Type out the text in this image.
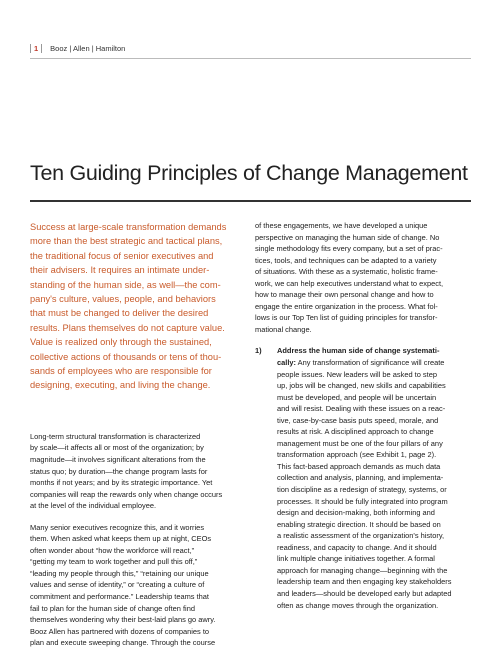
1	Booz | Allen | Hamilton
Ten Guiding Principles of Change Management

Success at large-scale transformation demands
more than the best strategic and tactical plans,
the traditional focus of senior executives and
their advisers. It requires an intimate under-
standing of the human side, as well—the com-
pany's culture, values, people, and behaviors
that must be changed to deliver the desired
results. Plans themselves do not capture value.
Value is realized only through the sustained,
collective actions of thousands or tens of thou-
sands of employees who are responsible for
designing, executing, and living the change.

Long-term structural transformation is characterized
by scale—it affects all or most of the organization; by
magnitude—it involves significant alterations from the
status quo; by duration—the change program lasts for
months if not years; and by its strategic importance. Yet
companies will reap the rewards only when change occurs
at the level of the individual employee.

Many senior executives recognize this, and it worries
them. When asked what keeps them up at night, CEOs
often wonder about “how the workforce will react,”
“getting my team to work together and pull this off,”
“leading my people through this,” “retaining our unique
values and sense of identity,” or “creating a culture of
commitment and performance.” Leadership teams that
fail to plan for the human side of change often find
themselves wondering why their best-laid plans go awry.
Booz Allen has partnered with dozens of companies to
plan and execute sweeping change. Through the course

of these engagements, we have developed a unique
perspective on managing the human side of change. No
single methodology fits every company, but a set of prac-
tices, tools, and techniques can be adapted to a variety
of situations. With these as a systematic, holistic frame-
work, we can help executives understand what to expect,
how to manage their own personal change and how to
engage the entire organization in the process. What fol-
lows is our Top Ten list of guiding principles for transfor-
mational change.

1)	Address the human side of change systemati-
cally: Any transformation of significance will create
people issues. New leaders will be asked to step
up, jobs will be changed, new skills and capabilities
must be developed, and people will be uncertain
and will resist. Dealing with these issues on a reac-
tive, case-by-case basis puts speed, morale, and
results at risk. A disciplined approach to change
management must be one of the four pillars of any
transformation approach (see Exhibit 1, page 2).
This fact-based approach demands as much data
collection and analysis, planning, and implementa-
tion discipline as a redesign of strategy, systems, or
processes. It should be fully integrated into program
design and decision-making, both informing and
enabling strategic direction. It should be based on
a realistic assessment of the organization's history,
readiness, and capacity to change. And it should
link multiple change initiatives together. A formal
approach for managing change—beginning with the
leadership team and then engaging key stakeholders
and leaders—should be developed early but adapted
often as change moves through the organization.
